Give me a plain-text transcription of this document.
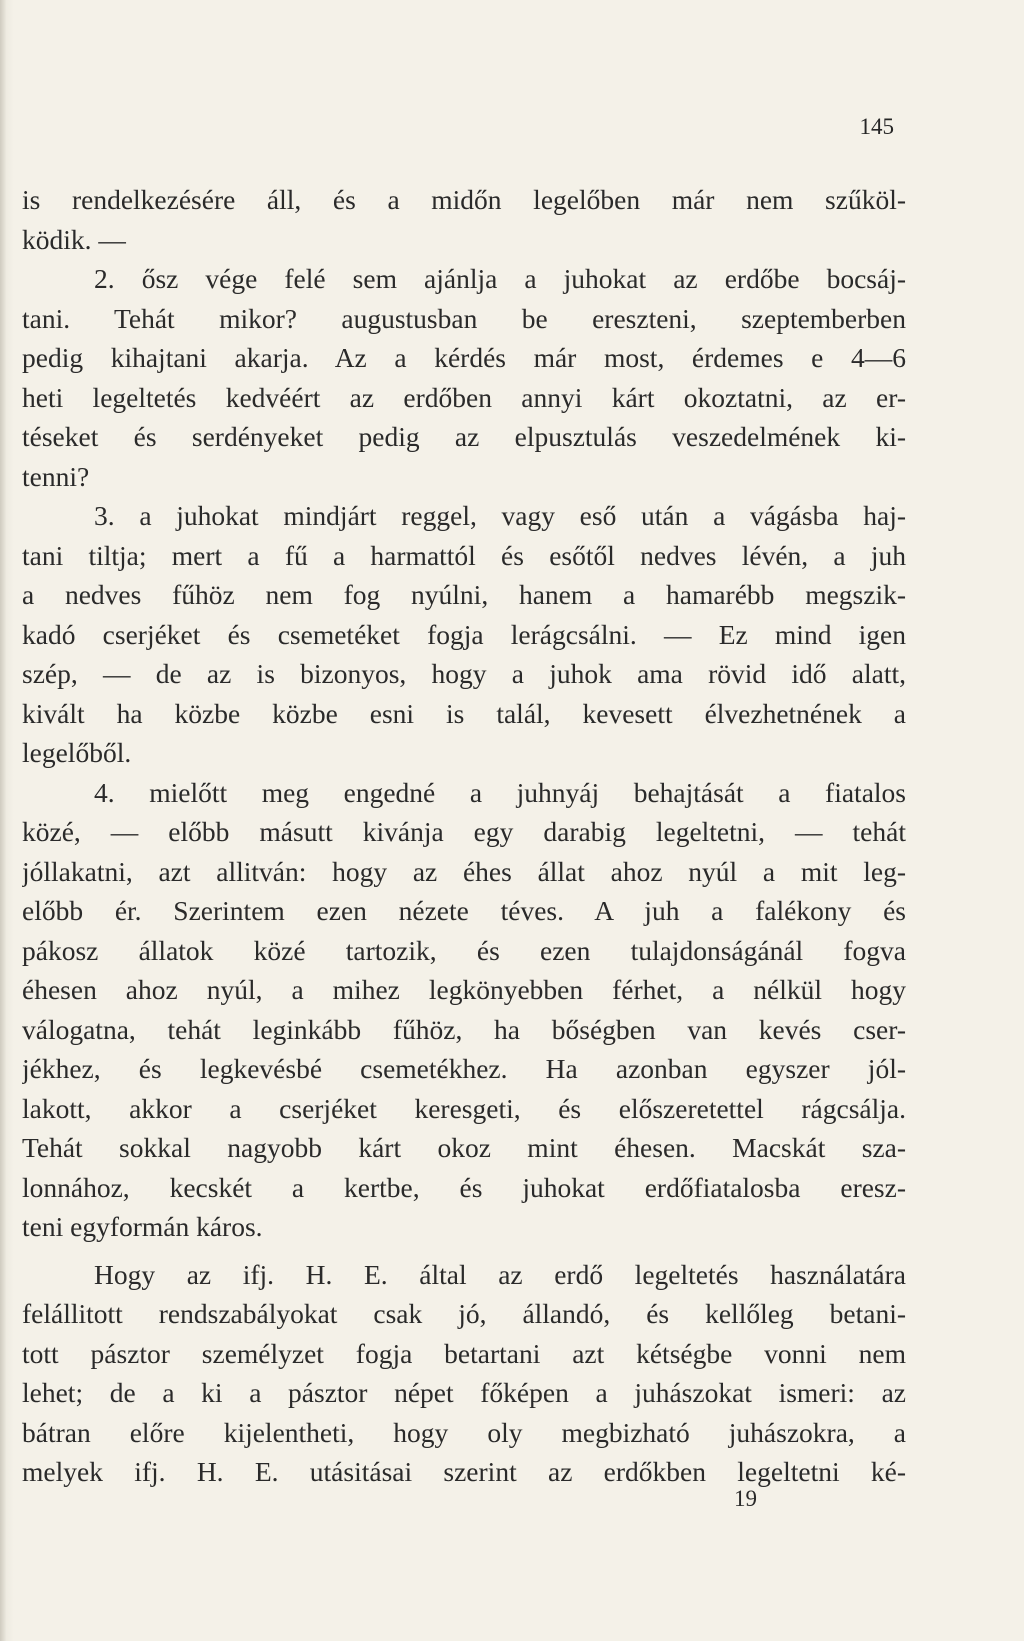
145
is rendelkezésére áll, és a midőn legelőben már nem szűköl-
ködik. —
2. ősz vége felé sem ajánlja a juhokat az erdőbe bocsáj-
tani. Tehát mikor? augustusban be ereszteni, szeptemberben
pedig kihajtani akarja. Az a kérdés már most, érdemes e 4—6
heti legeltetés kedvéért az erdőben annyi kárt okoztatni, az er-
téseket és serdényeket pedig az elpusztulás veszedelmének ki-
tenni?
3. a juhokat mindjárt reggel, vagy eső után a vágásba haj-
tani tiltja; mert a fű a harmattól és esőtől nedves lévén, a juh
a nedves fűhöz nem fog nyúlni, hanem a hamarébb megszik-
kadó cserjéket és csemetéket fogja lerágcsálni. — Ez mind igen
szép, — de az is bizonyos, hogy a juhok ama rövid idő alatt,
kivált ha közbe közbe esni is talál, kevesett élvezhetnének a
legelőből.
4. mielőtt meg engedné a juhnyáj behajtását a fiatalos
közé, — előbb másutt kivánja egy darabig legeltetni, — tehát
jóllakatni, azt allitván: hogy az éhes állat ahoz nyúl a mit leg-
előbb ér. Szerintem ezen nézete téves. A juh a falékony és
pákosz állatok közé tartozik, és ezen tulajdonságánál fogva
éhesen ahoz nyúl, a mihez legkönyebben férhet, a nélkül hogy
válogatna, tehát leginkább fűhöz, ha bőségben van kevés cser-
jékhez, és legkevésbé csemetékhez. Ha azonban egyszer jól-
lakott, akkor a cserjéket keresgeti, és előszeretettel rágcsálja.
Tehát sokkal nagyobb kárt okoz mint éhesen. Macskát sza-
lonnához, kecskét a kertbe, és juhokat erdőfiatalosba eresz-
teni egyformán káros.
Hogy az ifj. H. E. által az erdő legeltetés használatára
felállitott rendszabályokat csak jó, állandó, és kellőleg betani-
tott pásztor személyzet fogja betartani azt kétségbe vonni nem
lehet; de a ki a pásztor népet főképen a juhászokat ismeri: az
bátran előre kijelentheti, hogy oly megbizható juhászokra, a
melyek ifj. H. E. utásitásai szerint az erdőkben legeltetni ké-
19
